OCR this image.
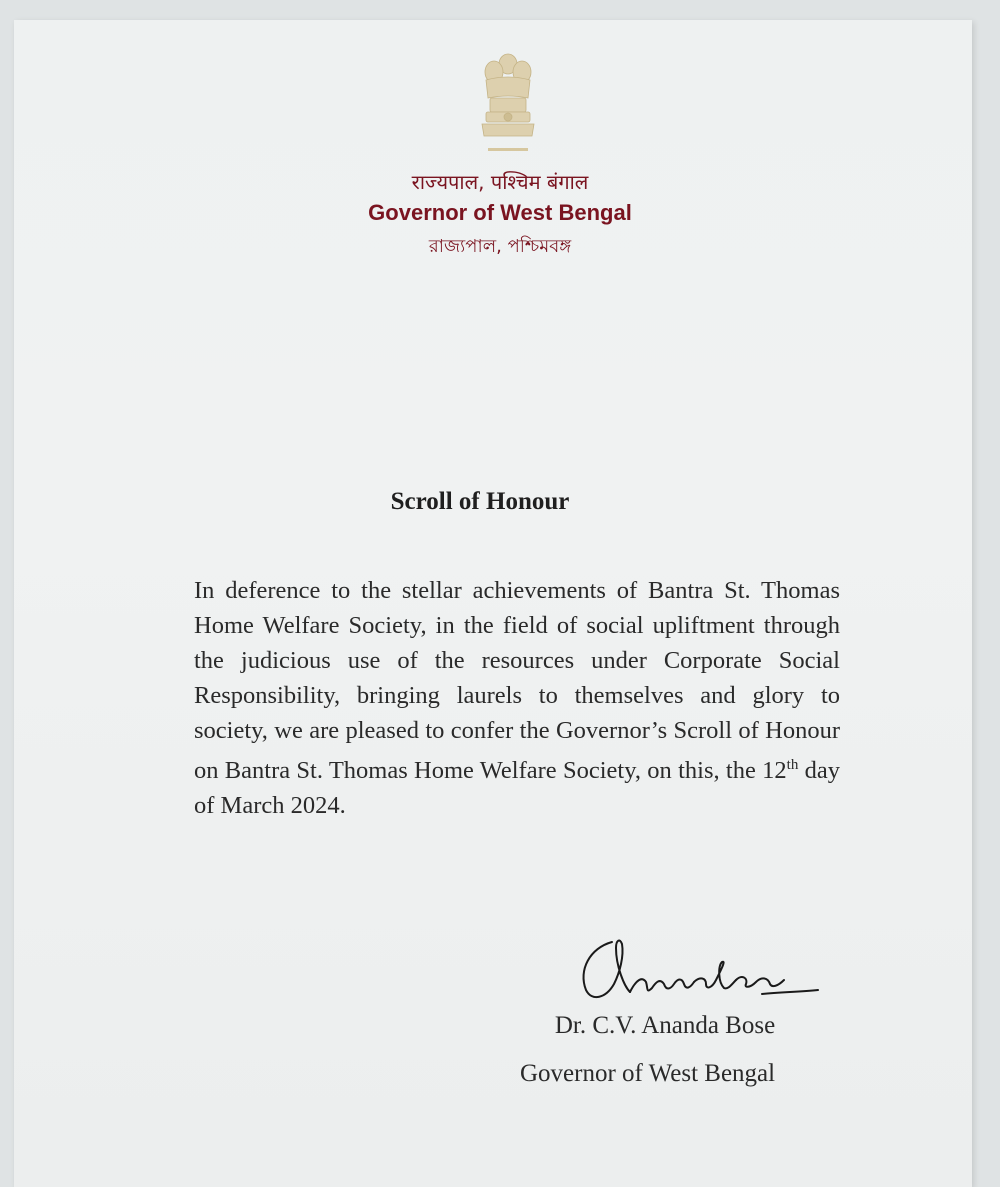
राज्यपाल, पश्चिम बंगाल
Governor of West Bengal
রাজ্যপাল, পশ্চিমবঙ্গ
Scroll of Honour

In deference to the stellar achievements of Bantra St. Thomas Home Welfare Society, in the field of social upliftment through the judicious use of the resources under Corporate Social Responsibility, bringing laurels to themselves and glory to society, we are pleased to confer the Governor’s Scroll of Honour on Bantra St. Thomas Home Welfare Society, on this, the 12th day of March 2024.

Dr. C.V. Ananda Bose
Governor of West Bengal
